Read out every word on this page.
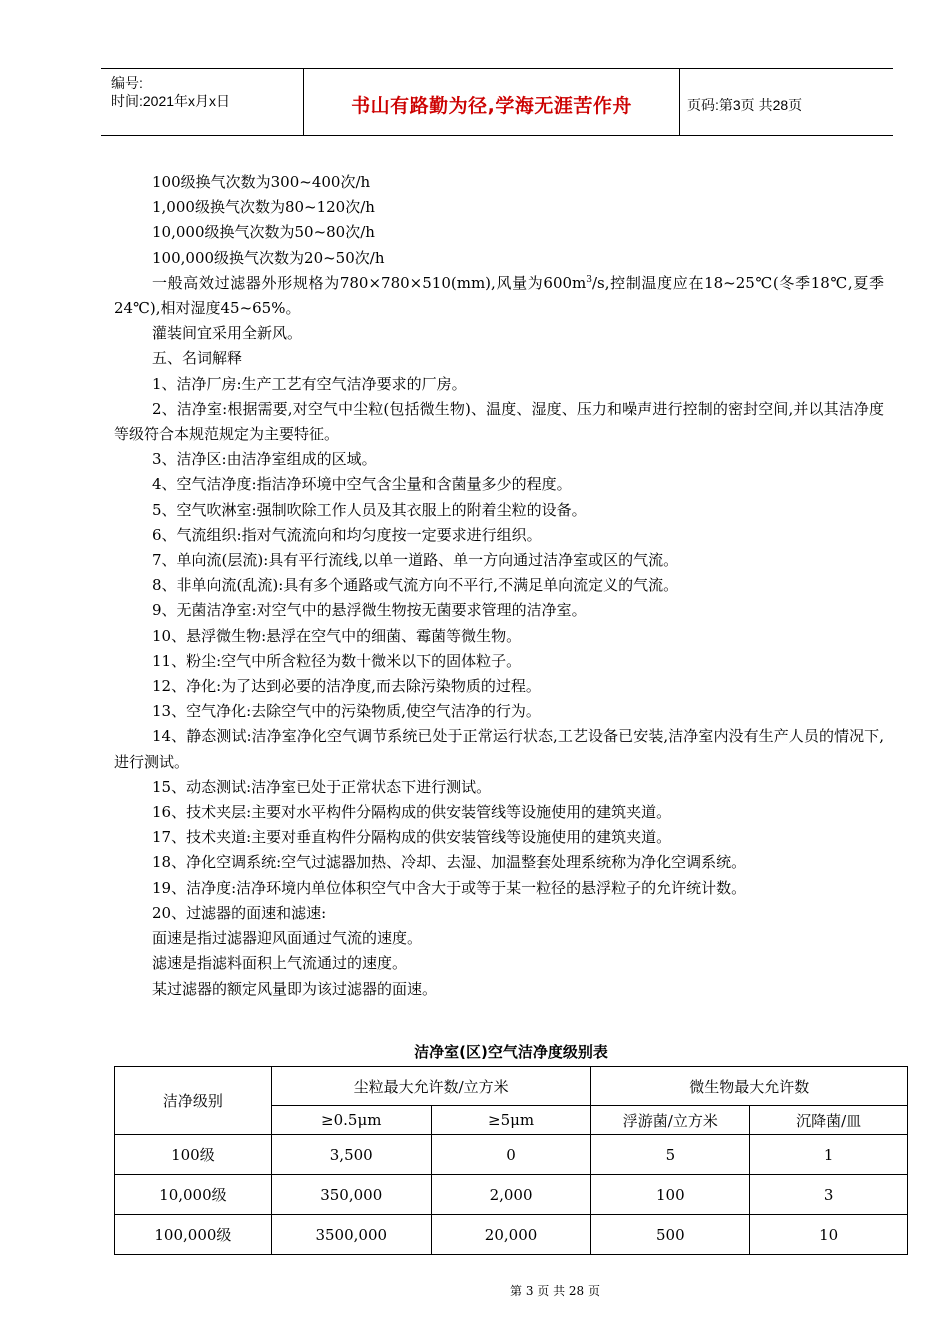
编号:
时间:2021年x月x日	书山有路勤为径,学海无涯苦作舟	页码:第3页 共28页

100级换气次数为300~400次/h

1,000级换气次数为80~120次/h

10,000级换气次数为50~80次/h

100,000级换气次数为20~50次/h

一般高效过滤器外形规格为780×780×510(mm),风量为$600m^3/s$,控制温度应在18~25℃(冬季18℃,夏季24℃),相对湿度45~65%。

灌装间宜采用全新风。

五、名词解释

1、洁净厂房:生产工艺有空气洁净要求的厂房。

2、洁净室:根据需要,对空气中尘粒(包括微生物)、温度、湿度、压力和噪声进行控制的密封空间,并以其洁净度等级符合本规范规定为主要特征。

3、洁净区:由洁净室组成的区域。

4、空气洁净度:指洁净环境中空气含尘量和含菌量多少的程度。

5、空气吹淋室:强制吹除工作人员及其衣服上的附着尘粒的设备。

6、气流组织:指对气流流向和均匀度按一定要求进行组织。

7、单向流(层流):具有平行流线,以单一道路、单一方向通过洁净室或区的气流。

8、非单向流(乱流):具有多个通路或气流方向不平行,不满足单向流定义的气流。

9、无菌洁净室:对空气中的悬浮微生物按无菌要求管理的洁净室。

10、悬浮微生物:悬浮在空气中的细菌、霉菌等微生物。

11、粉尘:空气中所含粒径为数十微米以下的固体粒子。

12、净化:为了达到必要的洁净度,而去除污染物质的过程。

13、空气净化:去除空气中的污染物质,使空气洁净的行为。

14、静态测试:洁净室净化空气调节系统已处于正常运行状态,工艺设备已安装,洁净室内没有生产人员的情况下,进行测试。

15、动态测试:洁净室已处于正常状态下进行测试。

16、技术夹层:主要对水平构件分隔构成的供安装管线等设施使用的建筑夹道。

17、技术夹道:主要对垂直构件分隔构成的供安装管线等设施使用的建筑夹道。

18、净化空调系统:空气过滤器加热、冷却、去湿、加温整套处理系统称为净化空调系统。

19、洁净度:洁净环境内单位体积空气中含大于或等于某一粒径的悬浮粒子的允许统计数。

20、过滤器的面速和滤速:

面速是指过滤器迎风面通过气流的速度。

滤速是指滤料面积上气流通过的速度。

某过滤器的额定风量即为该过滤器的面速。

洁净室(区)空气洁净度级别表
洁净级别	尘粒最大允许数/立方米		微生物最大允许数	
	≥0.5μm	≥5μm	浮游菌/立方米	沉降菌/皿
100级	3,500	0	5	1
10,000级	350,000	2,000	100	3
100,000级	3500,000	20,000	500	10
第 3 页 共 28 页
